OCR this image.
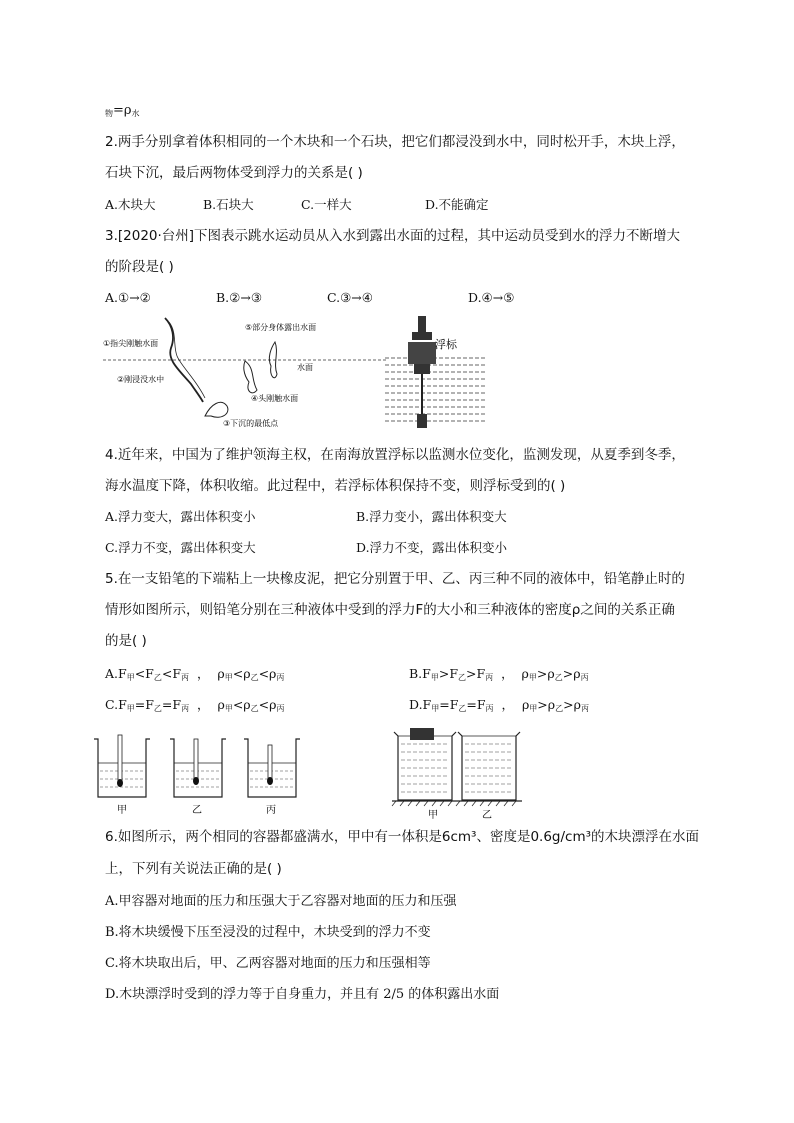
$_物=\rho_水$
2.两手分别拿着体积相同的一个木块和一个石块，把它们都浸没到水中，同时松开手，木块上浮，
石块下沉，最后两物体受到浮力的关系是( )
A.木块大	B.石块大	C.一样大	D.不能确定
3.[2020·台州]下图表示跳水运动员从入水到露出水面的过程，其中运动员受到水的浮力不断增大
的阶段是( )
A.①→②	B.②→③	C.③→④	D.④→⑤
①指尖刚触水面
②刚浸没水中
③下沉的最低点
④头刚触水面
⑤部分身体露出水面
水面
浮标
4.近年来，中国为了维护领海主权，在南海放置浮标以监测水位变化，监测发现，从夏季到冬季，
海水温度下降，体积收缩。此过程中，若浮标体积保持不变，则浮标受到的( )
A.浮力变大，露出体积变小	B.浮力变小，露出体积变大
C.浮力不变，露出体积变大	D.浮力不变，露出体积变小
5.在一支铅笔的下端粘上一块橡皮泥，把它分别置于甲、乙、丙三种不同的液体中，铅笔静止时的
情形如图所示，则铅笔分别在三种液体中受到的浮力F的大小和三种液体的密度ρ之间的关系正确
的是( )
$A.F_甲<F_乙<F_丙$  ，  $\rho_甲<\rho_乙<\rho_丙$	$B.F_甲>F_乙>F_丙$  ，  $\rho_甲>\rho_乙>\rho_丙$
$C.F_甲=F_乙=F_丙$  ，  $\rho_甲<\rho_乙<\rho_丙$	$D.F_甲=F_乙=F_丙$  ，  $\rho_甲>\rho_乙>\rho_丙$
甲	乙	丙	甲	乙
6.如图所示，两个相同的容器都盛满水，甲中有一体积是6cm³、密度是0.6g/cm³的木块漂浮在水面
上，下列有关说法正确的是( )
A.甲容器对地面的压力和压强大于乙容器对地面的压力和压强
B.将木块缓慢下压至浸没的过程中，木块受到的浮力不变
C.将木块取出后，甲、乙两容器对地面的压力和压强相等
D.木块漂浮时受到的浮力等于自身重力，并且有 2/5 的体积露出水面
